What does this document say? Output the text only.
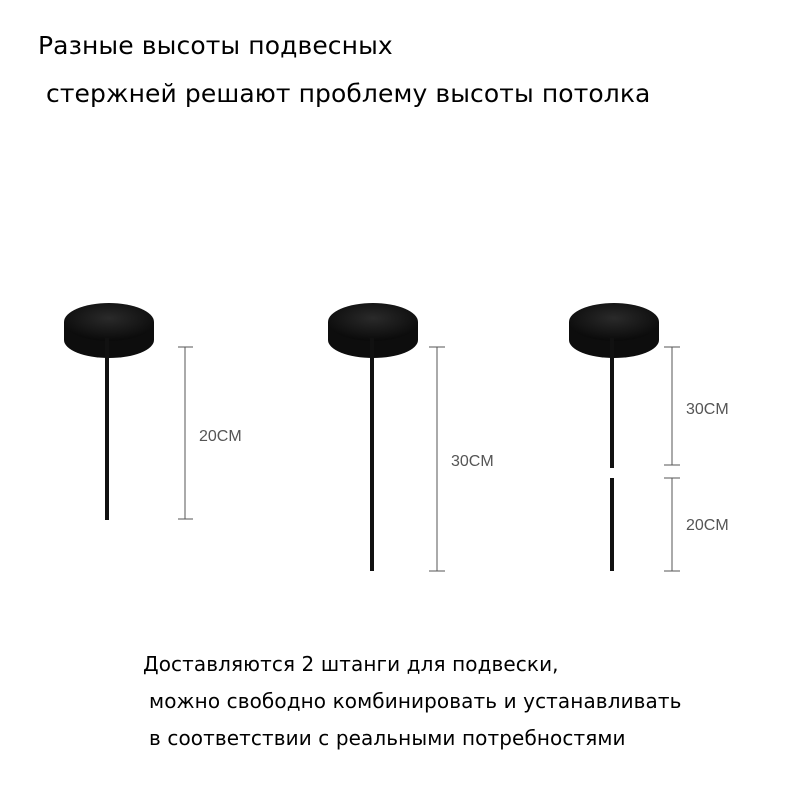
Разные высоты подвесных
стержней решают проблему высоты потолка
20CM
30CM
30CM
20CM
Доставляются 2 штанги для подвески,
можно свободно комбинировать и устанавливать
в соответствии с реальными потребностями
